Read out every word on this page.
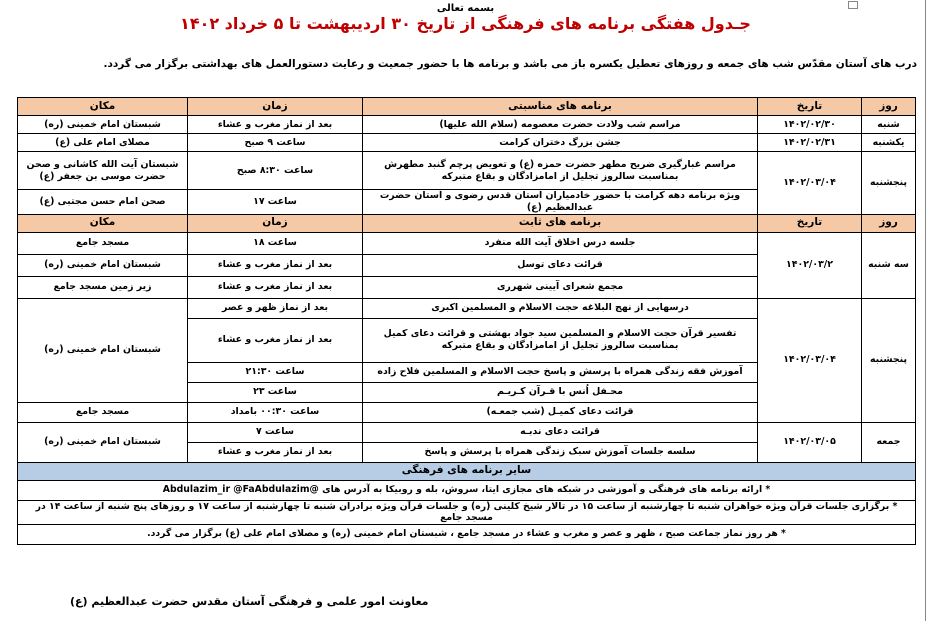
بسمه تعالی
جـدول هفتگی برنامه های فرهنگی از تاریخ ۳۰ اردیبهشت تا ۵ خرداد ۱۴۰۲
درب های آستان مقدّس شب های جمعه و روزهای تعطیل یکسره باز می باشد و برنامه ها با حضور جمعیت و رعایت دستورالعمل های بهداشتی برگزار می گردد.
روز	تاریخ	برنامه های مناسبتی	زمان	مکان
شنبه	۱۴۰۲/۰۲/۳۰	مراسم شب ولادت حضرت معصومه (سلام الله علیها)	بعد از نماز مغرب و عشاء	شبستان امام خمینی (ره)
یکشنبه	۱۴۰۲/۰۲/۳۱	جشن بزرگ دختران کرامت	ساعت ۹ صبح	مصلای امام علی (ع)
پنجشنبه	۱۴۰۲/۰۳/۰۴	مراسم غبارگیری ضریح مطهر حضرت حمزه (ع) و تعویض پرچم گنبد مطهرش بمناسبت سالروز تجلیل از امامزادگان و بقاع متبرکه	ساعت ۸:۳۰ صبح	شبستان آیت الله کاشانی و صحن حضرت موسی بن جعفر (ع)
		ویژه برنامه دهه کرامت با حضور خادمیاران آستان قدس رضوی و آستان حضرت عبدالعظیم (ع)	ساعت ۱۷	صحن امام حسن مجتبی (ع)
روز	تاریخ	برنامه های ثابت	زمان	مکان
سه شنبه	۱۴۰۲/۰۳/۲	جلسه درس اخلاق آیت الله منفرد	ساعت ۱۸	مسجد جامع
		قرائت دعای توسل	بعد از نماز مغرب و عشاء	شبستان امام خمینی (ره)
		مجمع شعرای آیینی شهرری	بعد از نماز مغرب و عشاء	زیر زمین مسجد جامع
پنجشنبه	۱۴۰۲/۰۳/۰۴	درسهایی از نهج البلاغه حجت الاسلام و المسلمین اکبری	بعد از نماز ظهر و عصر	شبستان امام خمینی (ره)
		تفسیر قرآن حجت الاسلام و المسلمین سید جواد بهشتی و قرائت دعای کمیل بمناسبت سالروز تجلیل از امامزادگان و بقاع متبرکه	بعد از نماز مغرب و عشاء	
		آموزش فقه زندگی همراه با پرسش و پاسخ حجت الاسلام و المسلمین فلاح زاده	ساعت ۲۱:۳۰	
		محـفل اُنس با قـرآن کـریـم	ساعت ۲۳	
		قرائت دعای کمیـل (شب جمعـه)	ساعت ۰۰:۳۰ بامداد	مسجد جامع
جمعه	۱۴۰۲/۰۳/۰۵	قرائت دعای ندبـه	ساعت ۷	شبستان امام خمینی (ره)
		سلسه جلسات آموزش سبک زندگی همراه با پرسش و پاسخ	بعد از نماز مغرب و عشاء	
سایر برنامه های فرهنگی				
* ارائه برنامه های فرهنگی و آموزشی در شبکه های مجازی ایتا، سروش، بله و روبیکا به آدرس های @Abdulazim_ir @FaAbdulazim				
* برگزاری جلسات قرآن ویژه خواهران شنبه تا چهارشنبه از ساعت ۱۵ در تالار شیخ کلینی (ره) و جلسات قرآن ویژه برادران شنبه تا چهارشنبه از ساعت ۱۷ و روزهای پنج شنبه از ساعت ۱۴ در مسجد جامع				
* هر روز نماز جماعت صبح ، ظهر و عصر و مغرب و عشاء در مسجد جامع ، شبستان امام خمینی (ره) و مصلای امام علی (ع) برگزار می گردد.				
معاونت امور علمی و فرهنگی آستان مقدس حضرت عبدالعظیم (ع)
